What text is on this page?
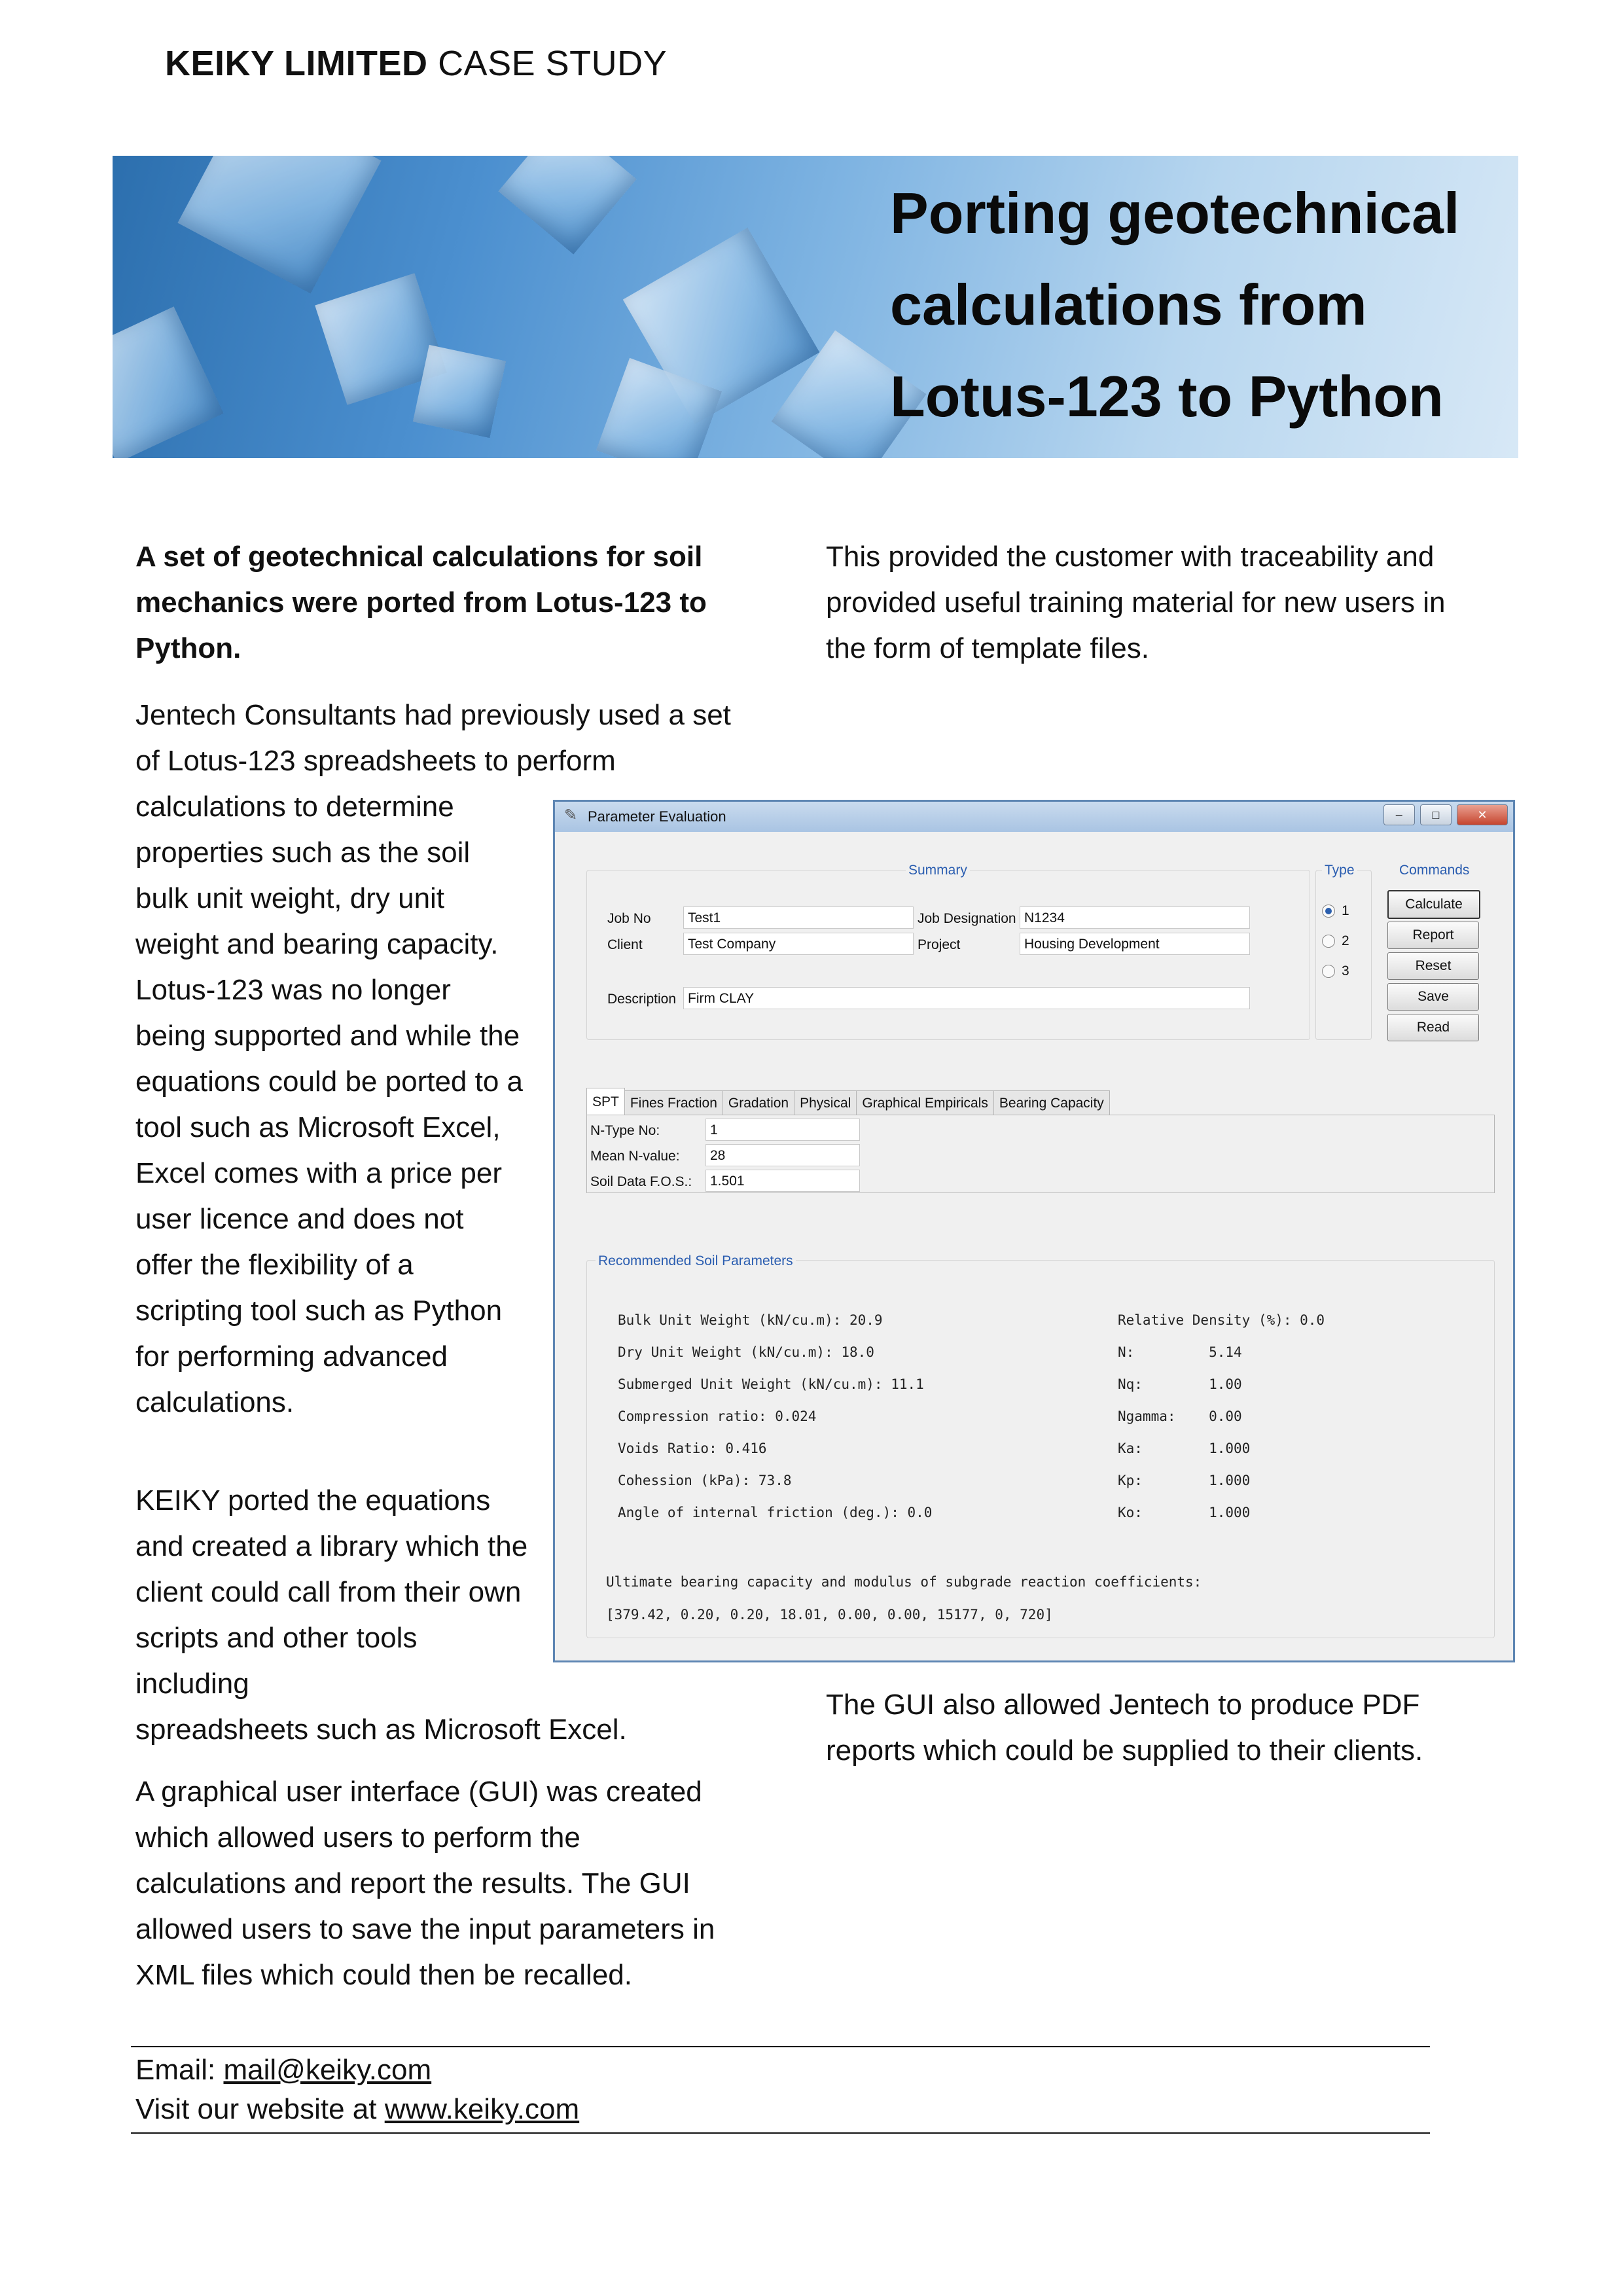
KEIKY LIMITED CASE STUDY
Porting geotechnical calculations from Lotus-123 to Python
A set of geotechnical calculations for soil mechanics were ported from Lotus-123 to Python.
Jentech Consultants had previously used a set of Lotus-123 spreadsheets to perform
calculations to determine properties such as the soil bulk unit weight, dry unit weight and bearing capacity. Lotus-123 was no longer being supported and while the equations could be ported to a tool such as Microsoft Excel, Excel comes with a price per user licence and does not offer the flexibility of a scripting tool such as Python for performing advanced calculations.
KEIKY ported the equations and created a library which the client could call from their own scripts and other tools including
spreadsheets such as Microsoft Excel.
A graphical user interface (GUI) was created which allowed users to perform the calculations and report the results. The GUI allowed users to save the input parameters in XML files which could then be recalled.
This provided the customer with traceability and provided useful training material for new users in the form of template files.
The GUI also allowed Jentech to produce PDF reports which could be supplied to their clients.
✎ Parameter Evaluation	–	□	✕
Summary
Job No	Test1	Job Designation N1234
Client	Test Company	Project	Housing Development
Description Firm CLAY
Type
1
2
3
Commands
Calculate
Report
Reset
Save
Read
SPT Fines Fraction Gradation Physical Graphical Empiricals Bearing Capacity
N-Type No:	1
Mean N-value:	28
Soil Data F.O.S.:	1.501
Recommended Soil Parameters
Bulk Unit Weight (kN/cu.m): 20.9
Dry Unit Weight (kN/cu.m): 18.0
Submerged Unit Weight (kN/cu.m): 11.1
Compression ratio: 0.024
Voids Ratio: 0.416
Cohession (kPa): 73.8
Angle of internal friction (deg.): 0.0
Relative Density (%): 0.0
N:         5.14
Nq:        1.00
Ngamma:    0.00
Ka:        1.000
Kp:        1.000
Ko:        1.000
Ultimate bearing capacity and modulus of subgrade reaction coefficients:
[379.42, 0.20, 0.20, 18.01, 0.00, 0.00, 15177, 0, 720]
Email: mail@keiky.com
Visit our website at www.keiky.com
